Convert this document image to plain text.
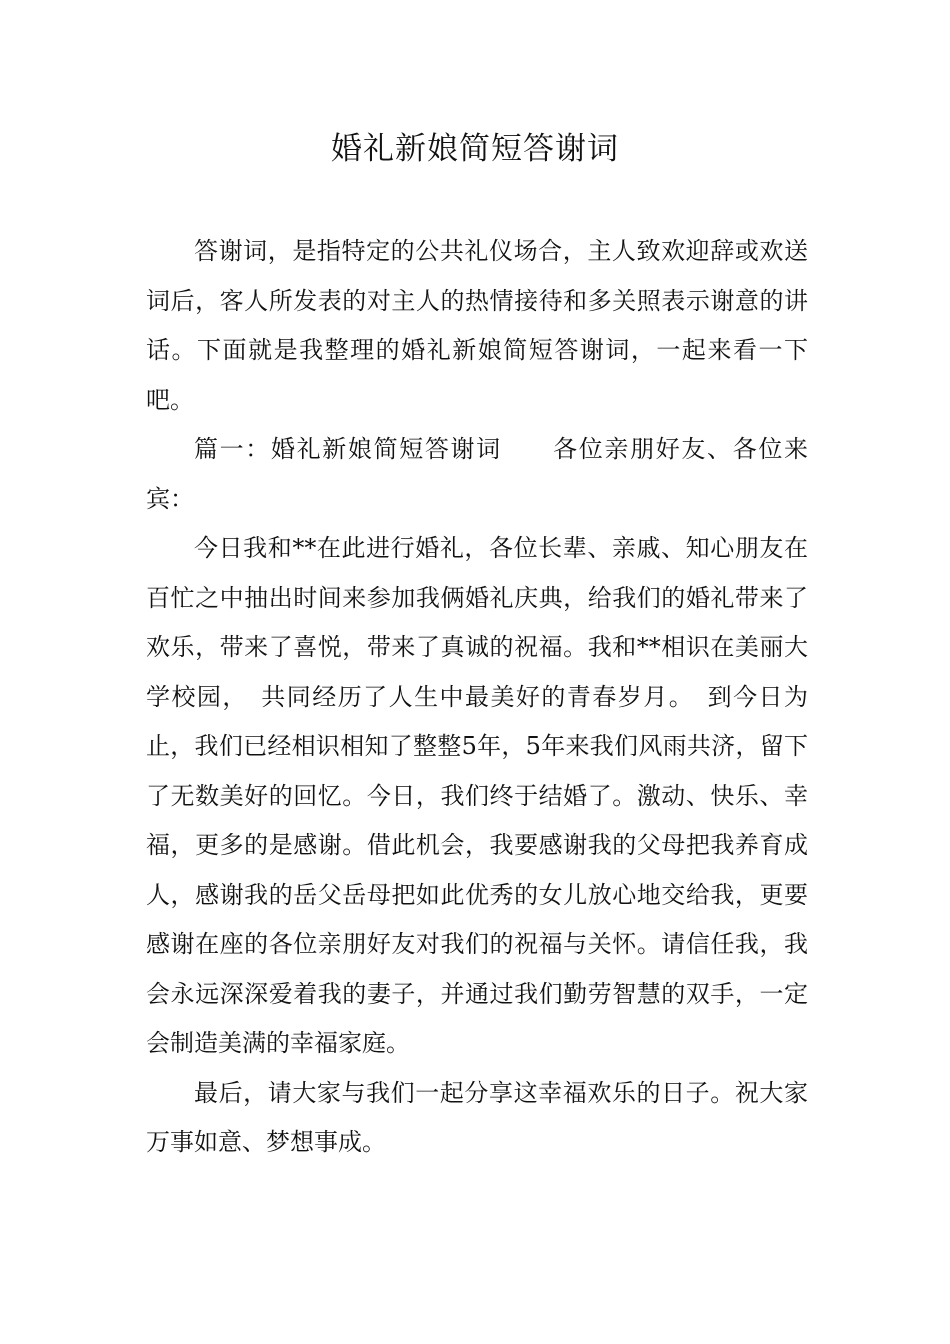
婚礼新娘简短答谢词

答谢词，是指特定的公共礼仪场合，主人致欢迎辞或欢送词后，客人所发表的对主人的热情接待和多关照表示谢意的讲话。下面就是我整理的婚礼新娘简短答谢词，一起来看一下吧。

篇一：婚礼新娘简短答谢词　　各位亲朋好友、各位来宾：

今日我和**在此进行婚礼，各位长辈、亲戚、知心朋友在百忙之中抽出时间来参加我俩婚礼庆典，给我们的婚礼带来了欢乐，带来了喜悦，带来了真诚的祝福。我和**相识在美丽大学校园，　共同经历了人生中最美好的青春岁月。　到今日为止，我们已经相识相知了整整5年，5年来我们风雨共济，留下了无数美好的回忆。今日，我们终于结婚了。激动、快乐、幸福，更多的是感谢。借此机会，我要感谢我的父母把我养育成人，感谢我的岳父岳母把如此优秀的女儿放心地交给我，更要感谢在座的各位亲朋好友对我们的祝福与关怀。请信任我，我会永远深深爱着我的妻子，并通过我们勤劳智慧的双手，一定会制造美满的幸福家庭。

最后，请大家与我们一起分享这幸福欢乐的日子。祝大家万事如意、梦想事成。
